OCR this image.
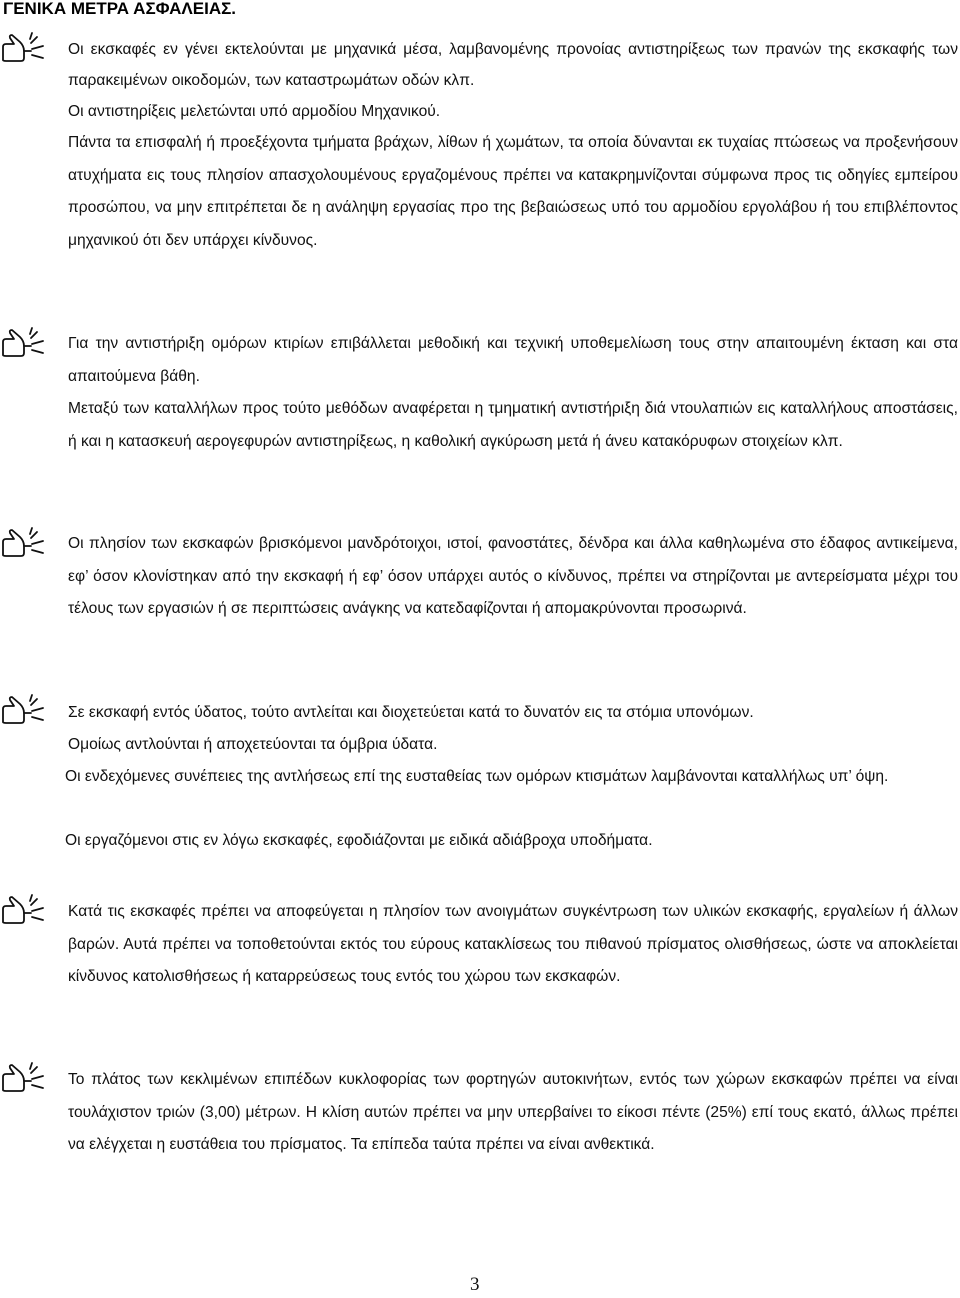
ΓΕΝΙΚΑ ΜΕΤΡΑ ΑΣΦΑΛΕΙΑΣ.

Οι εκσκαφές εν γένει εκτελούνται με μηχανικά μέσα, λαμβανομένης προνοίας αντιστηρίξεως των πρανών της εκσκαφής των παρακειμένων οικοδομών, των καταστρωμάτων οδών κλπ.

Οι αντιστηρίξεις μελετώνται υπό αρμοδίου Μηχανικού.

Πάντα τα επισφαλή ή προεξέχοντα τμήματα βράχων, λίθων ή χωμάτων, τα οποία δύνανται εκ τυχαίας πτώσεως να προξενήσουν ατυχήματα εις τους πλησίον απασχολουμένους εργαζομένους πρέπει να κατακρημνίζονται σύμφωνα προς τις οδηγίες εμπείρου προσώπου, να μην επιτρέπεται δε η ανάληψη εργασίας προ της βεβαιώσεως υπό του αρμοδίου εργολάβου ή του επιβλέποντος μηχανικού ότι δεν υπάρχει κίνδυνος.

Για την αντιστήριξη ομόρων κτιρίων επιβάλλεται μεθοδική και τεχνική υποθεμελίωση τους στην απαιτουμένη έκταση και στα απαιτούμενα βάθη.

Μεταξύ των καταλλήλων προς τούτο μεθόδων αναφέρεται η τμηματική αντιστήριξη διά ντουλαπιών εις καταλλήλους αποστάσεις, ή και η κατασκευή αερογεφυρών αντιστηρίξεως, η καθολική αγκύρωση μετά ή άνευ κατακόρυφων στοιχείων κλπ.

Οι πλησίον των εκσκαφών βρισκόμενοι μανδρότοιχοι, ιστοί, φανοστάτες, δένδρα και άλλα καθηλωμένα στο έδαφος αντικείμενα, εφ’ όσον κλονίστηκαν από την εκσκαφή ή εφ’ όσον υπάρχει αυτός ο κίνδυνος, πρέπει να στηρίζονται με αντερείσματα μέχρι του τέλους των εργασιών ή σε περιπτώσεις ανάγκης να κατεδαφίζονται ή απομακρύνονται προσωρινά.

Σε εκσκαφή εντός ύδατος, τούτο αντλείται και διοχετεύεται κατά το δυνατόν εις τα στόμια υπονόμων.

Ομοίως αντλούνται ή αποχετεύονται τα όμβρια ύδατα.

Οι ενδεχόμενες συνέπειες της αντλήσεως επί της ευσταθείας των ομόρων κτισμάτων λαμβάνονται καταλλήλως υπ’ όψη.

Οι εργαζόμενοι στις εν λόγω εκσκαφές, εφοδιάζονται με ειδικά αδιάβροχα υποδήματα.

Κατά τις εκσκαφές πρέπει να αποφεύγεται η πλησίον των ανοιγμάτων συγκέντρωση των υλικών εκσκαφής, εργαλείων ή άλλων βαρών. Αυτά πρέπει να τοποθετούνται εκτός του εύρους κατακλίσεως του πιθανού πρίσματος ολισθήσεως, ώστε να αποκλείεται κίνδυνος κατολισθήσεως ή καταρρεύσεως τους εντός του χώρου των εκσκαφών.

Το πλάτος των κεκλιμένων επιπέδων κυκλοφορίας των φορτηγών αυτοκινήτων, εντός των χώρων εκσκαφών πρέπει να είναι τουλάχιστον τριών (3,00) μέτρων. Η κλίση αυτών πρέπει να μην υπερβαίνει το είκοσι πέντε (25%) επί τους εκατό, άλλως πρέπει να ελέγχεται η ευστάθεια του πρίσματος. Τα επίπεδα ταύτα πρέπει να είναι ανθεκτικά.

3
